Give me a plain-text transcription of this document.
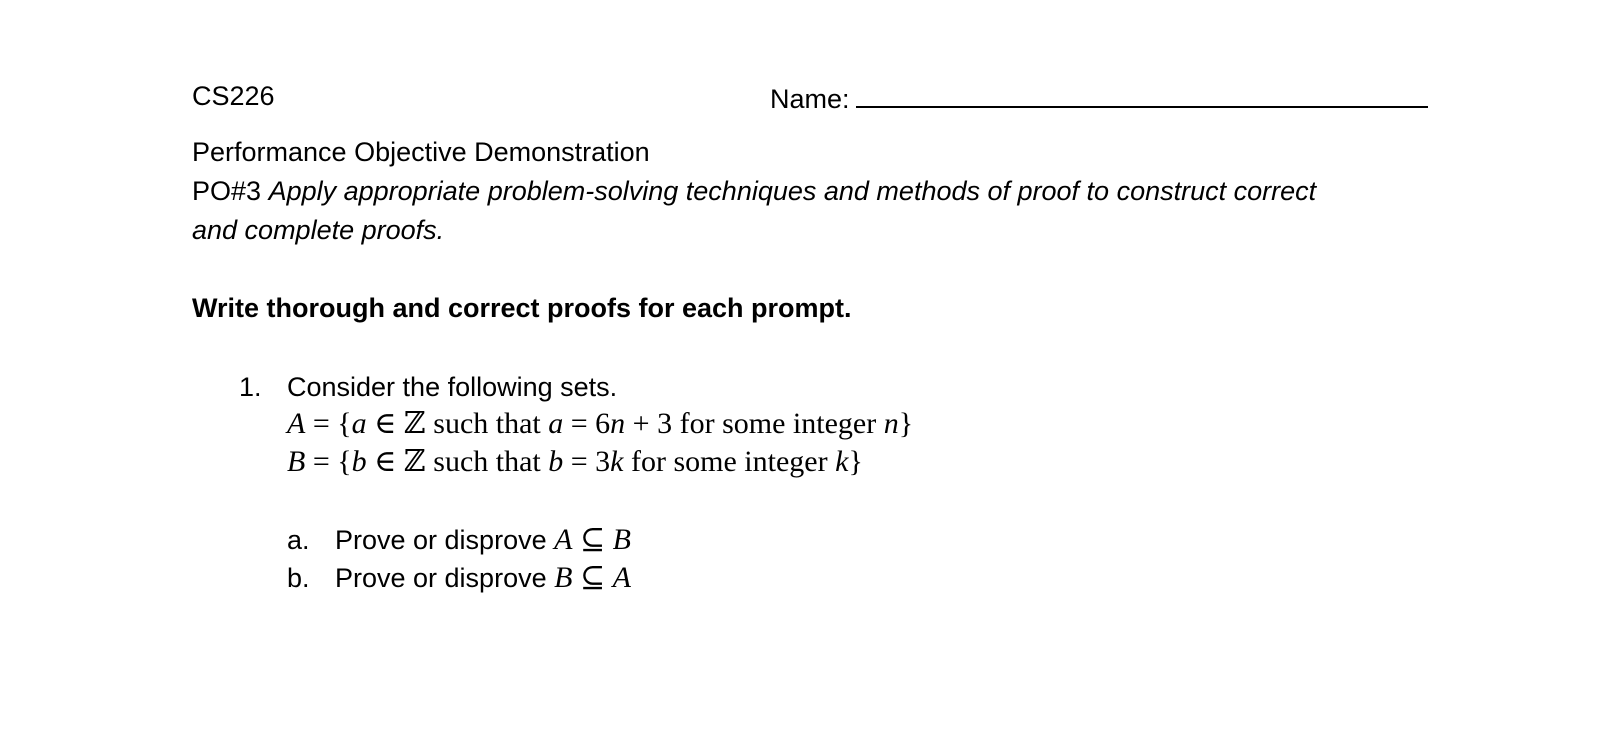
CS226	Name:
Performance Objective Demonstration
PO#3 Apply appropriate problem-solving techniques and methods of proof to construct correct
and complete proofs.
Write thorough and correct proofs for each prompt.
1. Consider the following sets.
A = {a ∈ ℤ such that a = 6n + 3 for some integer n}
B = {b ∈ ℤ such that b = 3k for some integer k}
a. Prove or disprove A ⊆ B
b. Prove or disprove B ⊆ A
